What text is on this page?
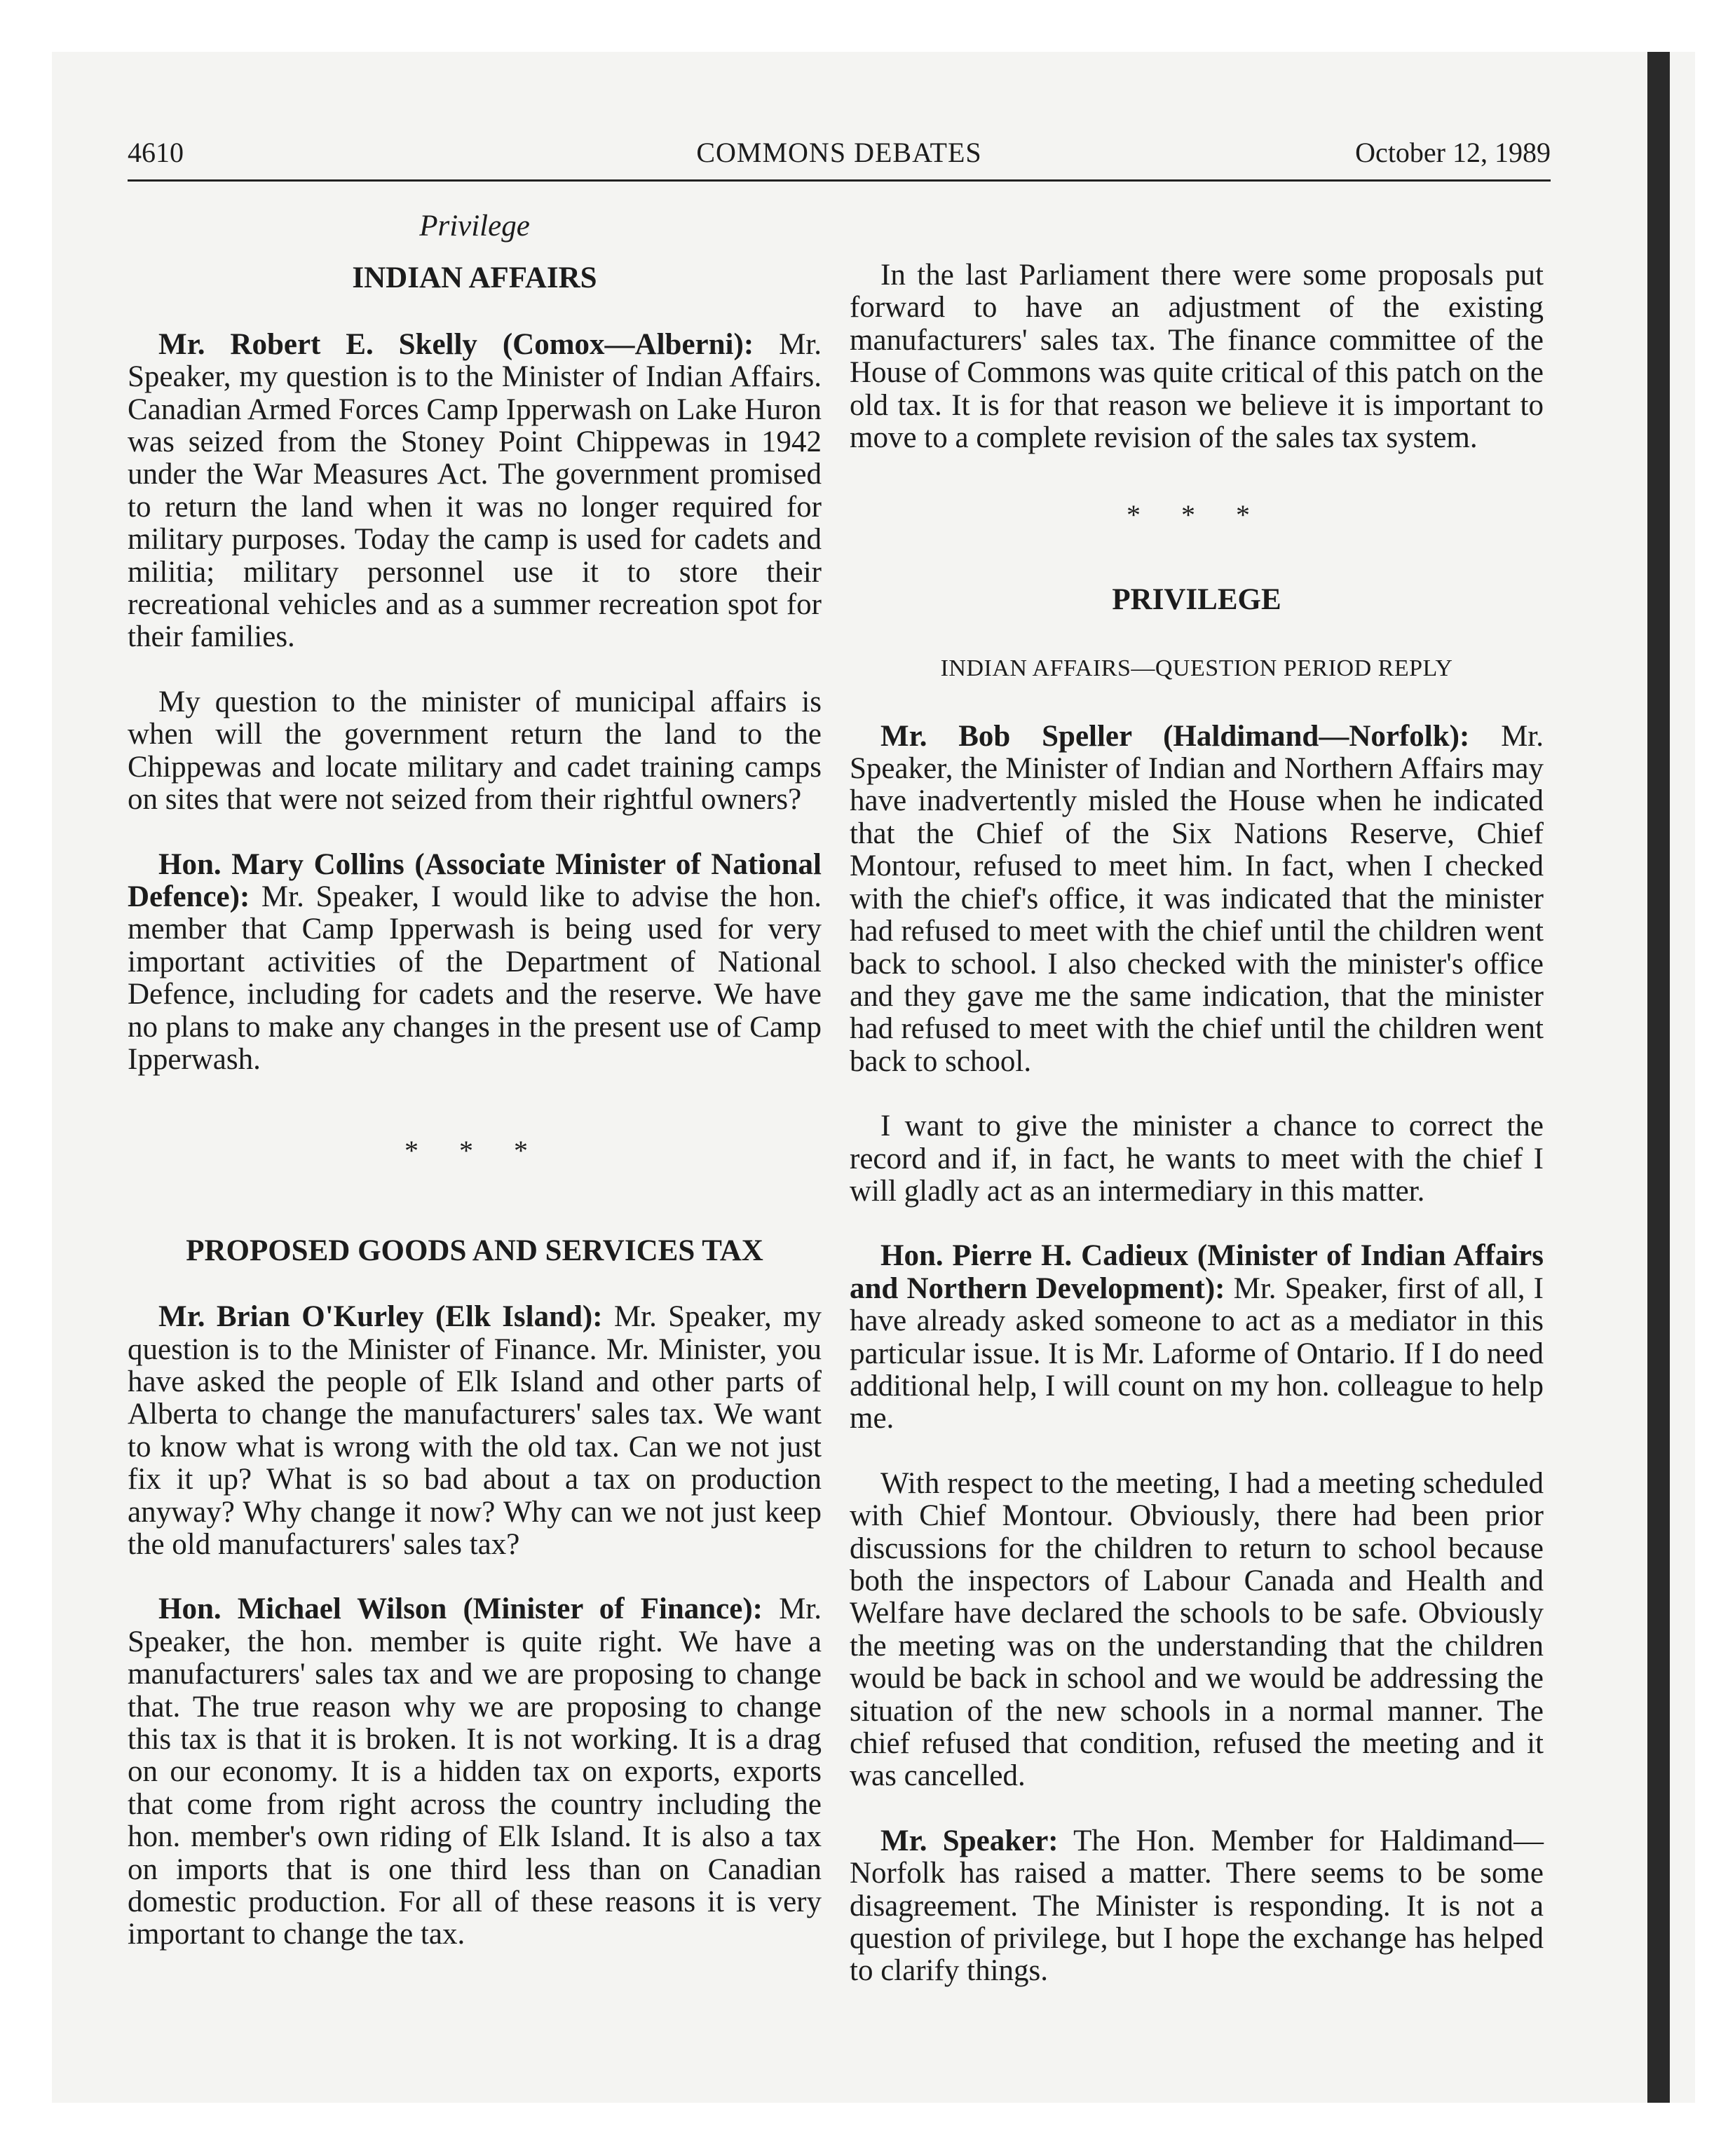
4610	COMMONS DEBATES	October 12, 1989
Privilege
INDIAN AFFAIRS

Mr. Robert E. Skelly (Comox—Alberni): Mr. Speaker, my question is to the Minister of Indian Affairs. Canadian Armed Forces Camp Ipperwash on Lake Huron was seized from the Stoney Point Chippewas in 1942 under the War Measures Act. The government promised to return the land when it was no longer required for military purposes. Today the camp is used for cadets and militia; military personnel use it to store their recreational vehicles and as a summer recreation spot for their families.

My question to the minister of municipal affairs is when will the government return the land to the Chippewas and locate military and cadet training camps on sites that were not seized from their rightful owners?

Hon. Mary Collins (Associate Minister of National Defence): Mr. Speaker, I would like to advise the hon. member that Camp Ipperwash is being used for very important activities of the Department of National Defence, including for cadets and the reserve. We have no plans to make any changes in the present use of Camp Ipperwash.

* * *
PROPOSED GOODS AND SERVICES TAX

Mr. Brian O'Kurley (Elk Island): Mr. Speaker, my question is to the Minister of Finance. Mr. Minister, you have asked the people of Elk Island and other parts of Alberta to change the manufacturers' sales tax. We want to know what is wrong with the old tax. Can we not just fix it up? What is so bad about a tax on production anyway? Why change it now? Why can we not just keep the old manufacturers' sales tax?

Hon. Michael Wilson (Minister of Finance): Mr. Speaker, the hon. member is quite right. We have a manufacturers' sales tax and we are proposing to change that. The true reason why we are proposing to change this tax is that it is broken. It is not working. It is a drag on our economy. It is a hidden tax on exports, exports that come from right across the country including the hon. member's own riding of Elk Island. It is also a tax on imports that is one third less than on Canadian domestic production. For all of these reasons it is very important to change the tax.

In the last Parliament there were some proposals put forward to have an adjustment of the existing manufacturers' sales tax. The finance committee of the House of Commons was quite critical of this patch on the old tax. It is for that reason we believe it is important to move to a complete revision of the sales tax system.

* * *
PRIVILEGE
INDIAN AFFAIRS—QUESTION PERIOD REPLY

Mr. Bob Speller (Haldimand—Norfolk): Mr. Speaker, the Minister of Indian and Northern Affairs may have inadvertently misled the House when he indicated that the Chief of the Six Nations Reserve, Chief Montour, refused to meet him. In fact, when I checked with the chief's office, it was indicated that the minister had refused to meet with the chief until the children went back to school. I also checked with the minister's office and they gave me the same indication, that the minister had refused to meet with the chief until the children went back to school.

I want to give the minister a chance to correct the record and if, in fact, he wants to meet with the chief I will gladly act as an intermediary in this matter.

Hon. Pierre H. Cadieux (Minister of Indian Affairs and Northern Development): Mr. Speaker, first of all, I have already asked someone to act as a mediator in this particular issue. It is Mr. Laforme of Ontario. If I do need additional help, I will count on my hon. colleague to help me.

With respect to the meeting, I had a meeting scheduled with Chief Montour. Obviously, there had been prior discussions for the children to return to school because both the inspectors of Labour Canada and Health and Welfare have declared the schools to be safe. Obviously the meeting was on the understanding that the children would be back in school and we would be addressing the situation of the new schools in a normal manner. The chief refused that condition, refused the meeting and it was cancelled.

Mr. Speaker: The Hon. Member for Haldimand—Norfolk has raised a matter. There seems to be some disagreement. The Minister is responding. It is not a question of privilege, but I hope the exchange has helped to clarify things.
